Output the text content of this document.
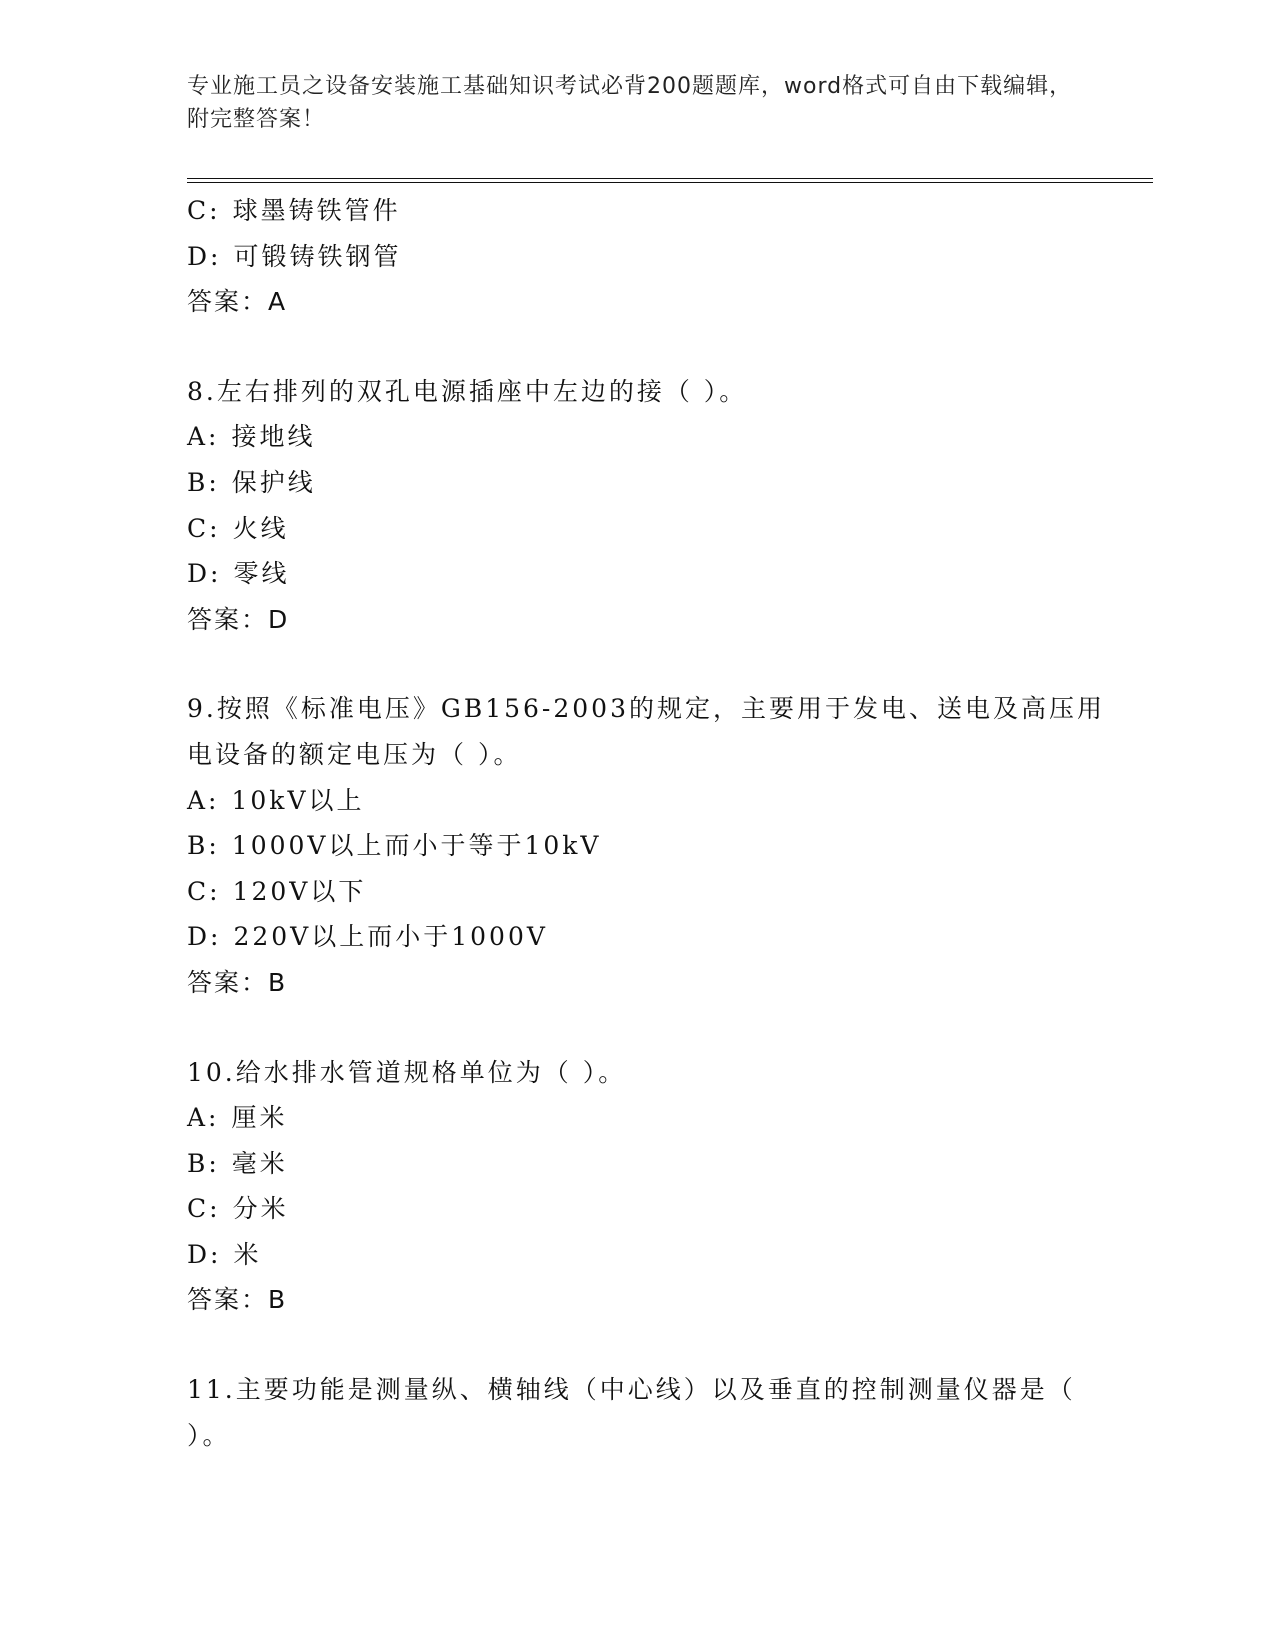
专业施工员之设备安装施工基础知识考试必背200题题库，word格式可自由下载编辑，附完整答案！
C: 球墨铸铁管件
D: 可锻铸铁钢管
答案：A
8.左右排列的双孔电源插座中左边的接（ ）。
A: 接地线
B: 保护线
C: 火线
D: 零线
答案：D
9.按照《标准电压》GB156-2003的规定，主要用于发电、送电及高压用电设备的额定电压为（ ）。
A: 10kV以上
B: 1000V以上而小于等于10kV
C: 120V以下
D: 220V以上而小于1000V
答案：B
10.给水排水管道规格单位为（ ）。
A: 厘米
B: 毫米
C: 分米
D: 米
答案：B
11.主要功能是测量纵、横轴线（中心线）以及垂直的控制测量仪器是（ ）。
